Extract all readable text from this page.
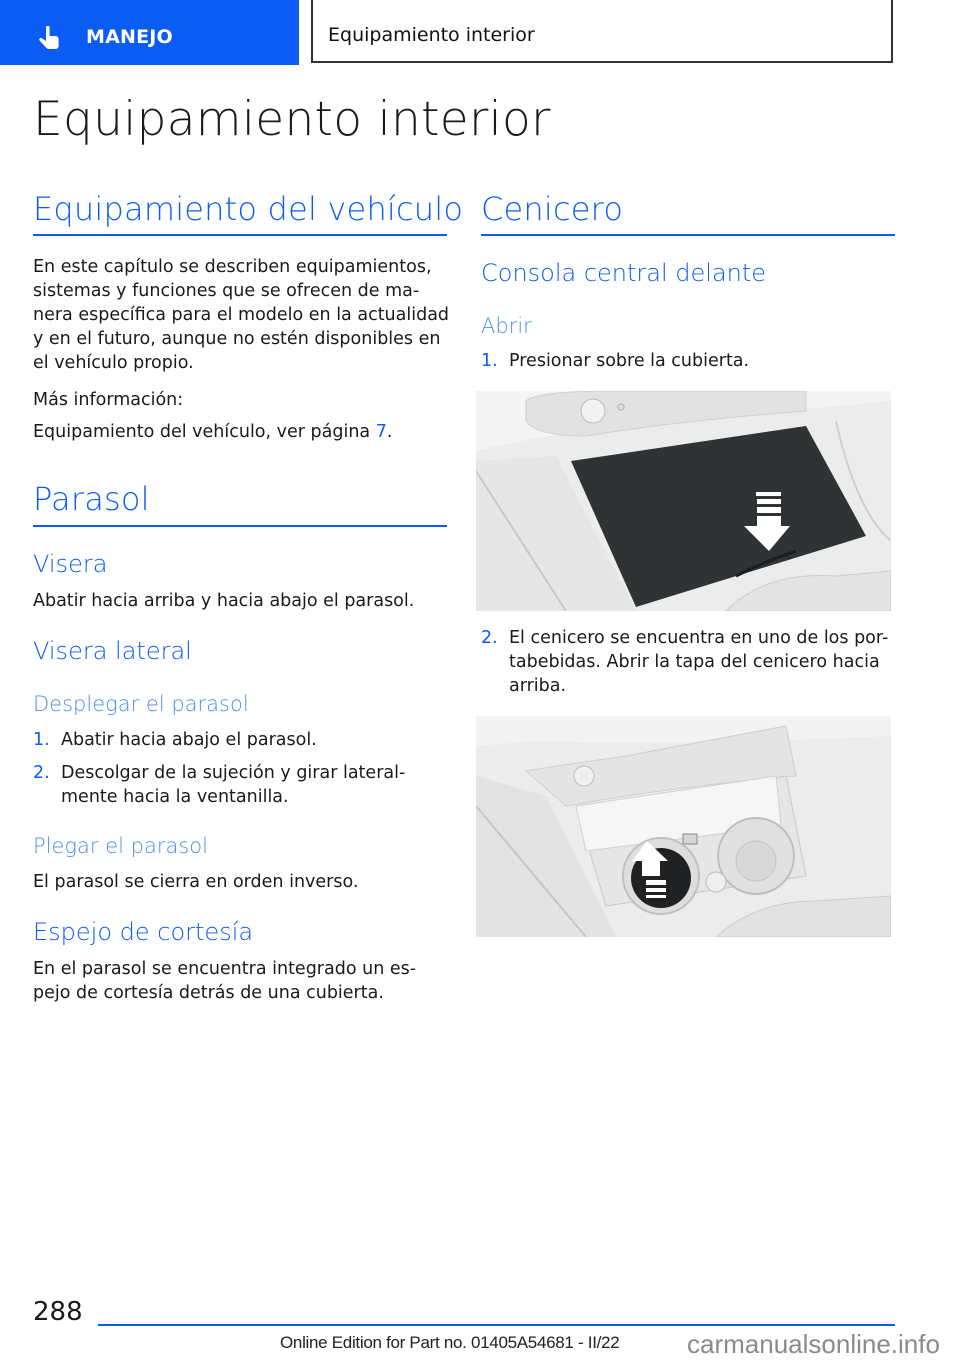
MANEJO	Equipamiento interior
Equipamiento interior
Equipamiento del vehículo
En este capítulo se describen equipamientos,
sistemas y funciones que se ofrecen de ma-
nera específica para el modelo en la actualidad
y en el futuro, aunque no estén disponibles en
el vehículo propio.
Más información:
Equipamiento del vehículo, ver página 7.
Parasol
Visera
Abatir hacia arriba y hacia abajo el parasol.
Visera lateral
Desplegar el parasol
1. Abatir hacia abajo el parasol.
2. Descolgar de la sujeción y girar lateral-
mente hacia la ventanilla.
Plegar el parasol
El parasol se cierra en orden inverso.
Espejo de cortesía
En el parasol se encuentra integrado un es-
pejo de cortesía detrás de una cubierta.
Cenicero
Consola central delante
Abrir
1. Presionar sobre la cubierta.
2. El cenicero se encuentra en uno de los por-
tabebidas. Abrir la tapa del cenicero hacia
arriba.
288
Online Edition for Part no. 01405A54681 - II/22	carmanualsonline.info
